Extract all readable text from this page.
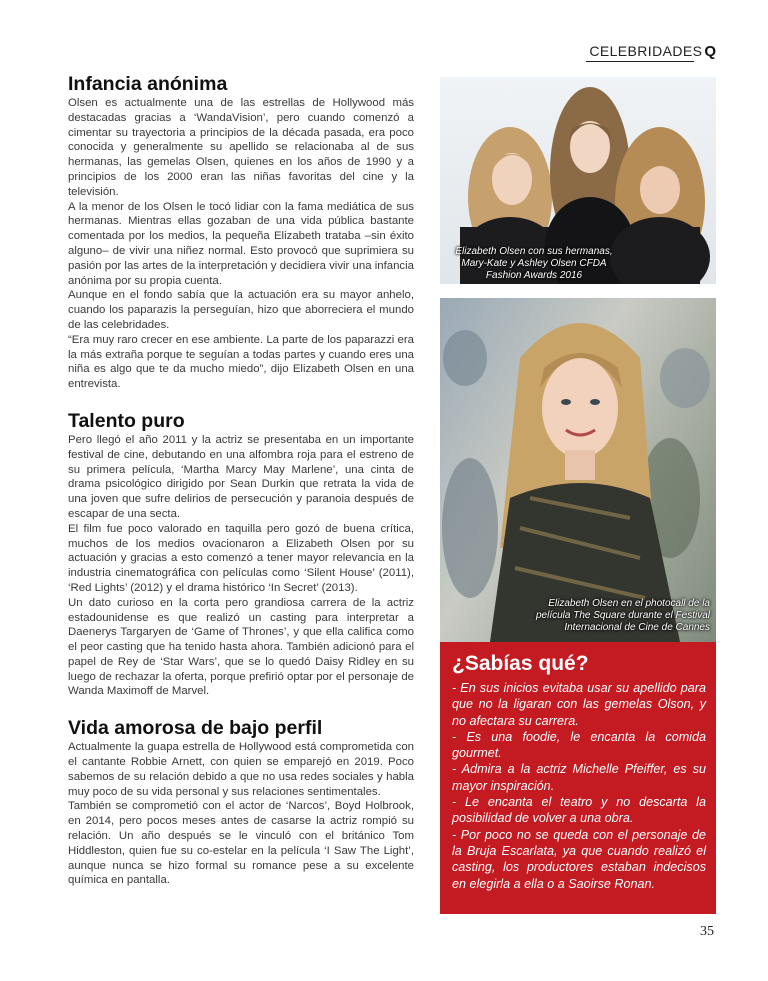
CELEBRIDADES Q
Infancia anónima

Olsen es actualmente una de las estrellas de Hollywood más destacadas gracias a ‘WandaVision’, pero cuando comenzó a cimentar su trayectoria a principios de la década pasada, era poco conocida y generalmente su apellido se relacionaba al de sus hermanas, las gemelas Olsen, quienes en los años de 1990 y a principios de los 2000 eran las niñas favoritas del cine y la televisión.

A la menor de los Olsen le tocó lidiar con la fama mediática de sus hermanas. Mientras ellas gozaban de una vida pública bastante comentada por los medios, la pequeña Elizabeth trataba –sin éxito alguno– de vivir una niñez normal. Esto provocó que suprimiera su pasión por las artes de la interpretación y decidiera vivir una infancia anónima por su propia cuenta.

Aunque en el fondo sabía que la actuación era su mayor anhelo, cuando los paparazis la perseguían, hizo que aborreciera el mundo de las celebridades.

“Era muy raro crecer en ese ambiente. La parte de los paparazzi era la más extraña porque te seguían a todas partes y cuando eres una niña es algo que te da mucho miedo”, dijo Elizabeth Olsen en una entrevista.

Talento puro

Pero llegó el año 2011 y la actriz se presentaba en un importante festival de cine, debutando en una alfombra roja para el estreno de su primera película, ‘Martha Marcy May Marlene’, una cinta de drama psicológico dirigido por Sean Durkin que retrata la vida de una joven que sufre delirios de persecución y paranoia después de escapar de una secta.

El film fue poco valorado en taquilla pero gozó de buena crítica, muchos de los medios ovacionaron a Elizabeth Olsen por su actuación y gracias a esto comenzó a tener mayor relevancia en la industria cinematográfica con películas como ‘Silent House’ (2011), ‘Red Lights’ (2012) y el drama histórico ‘In Secret’ (2013).

Un dato curioso en la corta pero grandiosa carrera de la actriz estadounidense es que realizó un casting para interpretar a Daenerys Targaryen de ‘Game of Thrones’, y que ella califica como el peor casting que ha tenido hasta ahora. También adicionó para el papel de Rey de ‘Star Wars’, que se lo quedó Daisy Ridley en su luego de rechazar la oferta, porque prefirió optar por el personaje de Wanda Maximoff de Marvel.

Vida amorosa de bajo perfil

Actualmente la guapa estrella de Hollywood está comprometida con el cantante Robbie Arnett, con quien se emparejó en 2019. Poco sabemos de su relación debido a que no usa redes sociales y habla muy poco de su vida personal y sus relaciones sentimentales.

También se comprometió con el actor de ‘Narcos’, Boyd Holbrook, en 2014, pero pocos meses antes de casarse la actriz rompió su relación. Un año después se le vinculó con el británico Tom Hiddleston, quien fue su co-estelar en la película ‘I Saw The Light’, aunque nunca se hizo formal su romance pese a su excelente química en pantalla.

Elizabeth Olsen con sus hermanas, Mary-Kate y Ashley Olsen CFDA Fashion Awards 2016
Elizabeth Olsen en el photocall de la película The Square durante el Festival Internacional de Cine de Cannes
¿Sabías qué?
- En sus inicios evitaba usar su apellido para que no la ligaran con las gemelas Olson, y no afectara su carrera.
- Es una foodie, le encanta la comida gourmet.
- Admira a la actriz Michelle Pfeiffer, es su mayor inspiración.
- Le encanta el teatro y no descarta la posibilidad de volver a una obra.
- Por poco no se queda con el personaje de la Bruja Escarlata, ya que cuando realizó el casting, los productores estaban indecisos en elegirla a ella o a Saoirse Ronan.
35
